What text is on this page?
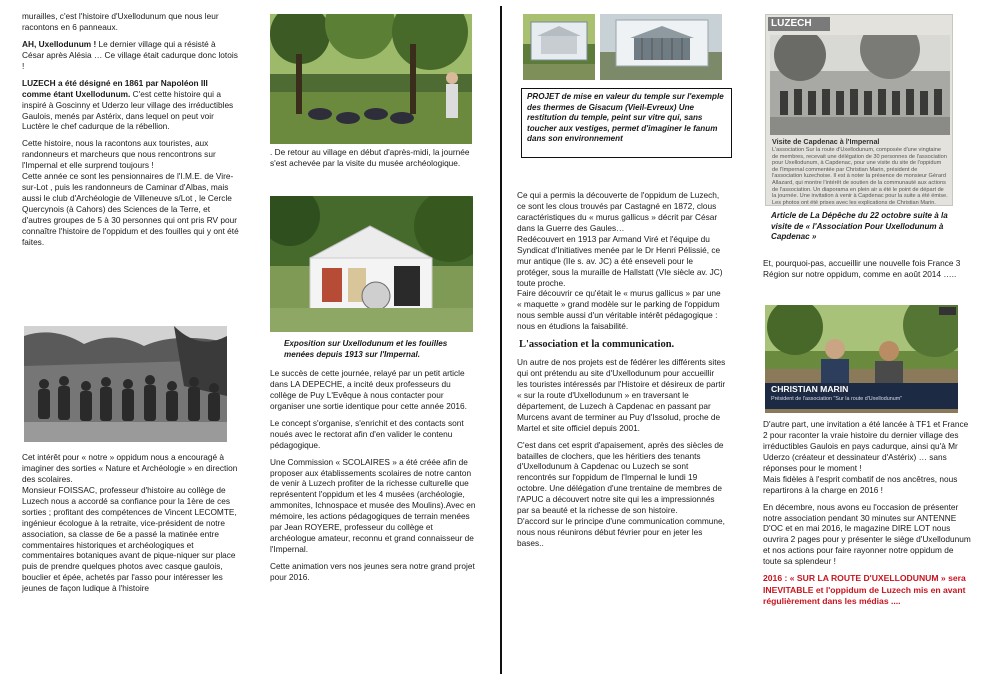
murailles, c'est l'histoire d'Uxellodunum que nous leur racontons en 6 panneaux.
AH, Uxellodunum ! Le dernier village qui a résisté à César après Alésia … Ce village était cadurque donc lotois !
LUZECH a été désigné en 1861 par Napoléon III comme étant Uxellodunum. C'est cette histoire qui a inspiré à Goscinny et Uderzo leur village des irréductibles Gaulois, menés par Astérix, dans lequel on peut voir Luctère le chef cadurque de la rébellion.
Cette histoire, nous la racontons aux touristes, aux randonneurs et marcheurs que nous rencontrons sur l'Impernal et elle surprend toujours !
Cette année ce sont les pensionnaires de l'I.M.E. de Vire-sur-Lot , puis les randonneurs de Caminar d'Albas, mais aussi le club d'Archéologie de Villeneuve s/Lot , le Cercle Quercynois (à Cahors) des Sciences de la Terre, et d'autres groupes de 5 à 30 personnes qui ont pris RV pour connaître l'histoire de l'oppidum et des fouilles qui y ont été faites.
Cet intérêt pour « notre » oppidum nous a encouragé à imaginer des sorties « Nature et Archéologie » en direction des scolaires.
Monsieur FOISSAC, professeur d'histoire au collège de Luzech nous a accordé sa confiance pour la 1ère de ces sorties ; profitant des compétences de Vincent LECOMTE, ingénieur écologue à la retraite, vice-président de notre association, sa classe de 6e a passé la matinée entre commentaires historiques et archéologiques et commentaires botaniques avant de pique-niquer sur place puis de prendre quelques photos avec casque gaulois, bouclier et épée, achetés par l'asso pour intéresser les jeunes de façon ludique à l'histoire
. De retour au village en début d'après-midi, la journée s'est achevée par la visite du musée archéologique.
Exposition sur Uxellodunum et les fouilles menées depuis 1913 sur l'Impernal.
Le succès de cette journée, relayé par un petit article dans LA DEPECHE, a incité deux professeurs du collège de Puy L'Evêque à nous contacter pour organiser une sortie identique pour cette année 2016.
Le concept s'organise, s'enrichit et des contacts sont noués avec le rectorat afin d'en valider le contenu pédagogique.
Une Commission « SCOLAIRES » a été créée afin de proposer aux établissements scolaires de notre canton de venir à Luzech profiter de la richesse culturelle que représentent l'oppidum et les 4 musées (archéologie, ammonites, Ichnospace et musée des Moulins).Avec en mémoire, les actions pédagogiques de terrain menées par Jean ROYERE, professeur du collège et archéologue amateur, reconnu et grand connaisseur de l'Impernal.
Cette animation vers nos jeunes sera notre grand projet pour 2016.
PROJET de mise en valeur du temple sur l'exemple des thermes de Gisacum (Vieil-Evreux) Une restitution du temple, peint sur vitre qui, sans toucher aux vestiges, permet d'imaginer le fanum dans son environnement
Ce qui a permis la découverte de l'oppidum de Luzech, ce sont les clous trouvés par Castagné en 1872, clous caractéristiques du « murus gallicus » décrit par César dans la Guerre des Gaules…
Redécouvert en 1913 par Armand Viré et l'équipe du Syndicat d'Initiatives menée par le Dr Henri Pélissié, ce mur antique (IIe s. av. JC) a été enseveli pour le protéger, sous la muraille de Hallstatt (VIe siècle av. JC) toute proche.
Faire découvrir ce qu'était le « murus gallicus » par une « maquette » grand modèle sur le parking de l'oppidum nous semble aussi d'un véritable intérêt pédagogique : nous en étudions la faisabilité.
L'association et la communication.
Un autre de nos projets est de fédérer les différents sites qui ont prétendu au site d'Uxellodunum pour accueillir les touristes intéressés par l'Histoire et désireux de partir « sur la route d'Uxellodunum » en traversant le département, de Luzech à Capdenac en passant par Murcens avant de terminer au Puy d'Issolud, proche de Martel et site officiel depuis 2001.
C'est dans cet esprit d'apaisement, après des siècles de batailles de clochers, que les héritiers des tenants d'Uxellodunum à Capdenac ou Luzech se sont rencontrés sur l'oppidum de l'Impernal le lundi 19 octobre. Une délégation d'une trentaine de membres de l'APUC a découvert notre site qui les a impressionnés par sa beauté et la richesse de son histoire.
D'accord sur le principe d'une communication commune, nous nous réunirons début février pour en jeter les bases..
LUZECH
Visite de Capdenac à l'Impernal
L'association Sur la route d'Uxellodunum, composée d'une vingtaine de membres, recevait une délégation de 30 personnes de l'association pour Uxellodunum, à Capdenac, pour une visite du site de l'oppidum de l'Impernal commentée par Christian Marin, président de l'association luzechoise. Il est à noter la présence de monsieur Gérard Allazard, qui montre l'intérêt de soutien de la communauté aux actions de l'association. Un diaporama en plein air a été le point de départ de la journée. Une invitation à venir à Capdenac pour la suite a été émise. Les photos ont été prises avec les explications de Christian Marin.
Article de La Dépêche du 22 octobre suite à la visite de « l'Association Pour Uxellodunum à Capdenac »
Et, pourquoi-pas, accueillir une nouvelle fois France 3 Région sur notre oppidum, comme en août 2014 …..
CHRISTIAN MARIN
Président de l'association "Sur la route d'Uxellodunum"
D'autre part, une invitation a été lancée à TF1 et France 2 pour raconter la vraie histoire du dernier village des irréductibles Gaulois en pays cadurque, ainsi qu'à Mr Uderzo (créateur et dessinateur d'Astérix) … sans réponses pour le moment !
Mais fidèles à l'esprit combatif de nos ancêtres, nous repartirons à la charge en 2016 !
En décembre, nous avons eu l'occasion de présenter notre association pendant 30 minutes sur ANTENNE D'OC et en mai 2016, le magazine DIRE LOT nous ouvrira 2 pages pour y présenter le siège d'Uxellodunum et nos actions pour faire rayonner notre oppidum de toute sa splendeur !
2016 : « SUR LA ROUTE D'UXELLODUNUM » sera INEVITABLE et l'oppidum de Luzech mis en avant régulièrement dans les médias ....
